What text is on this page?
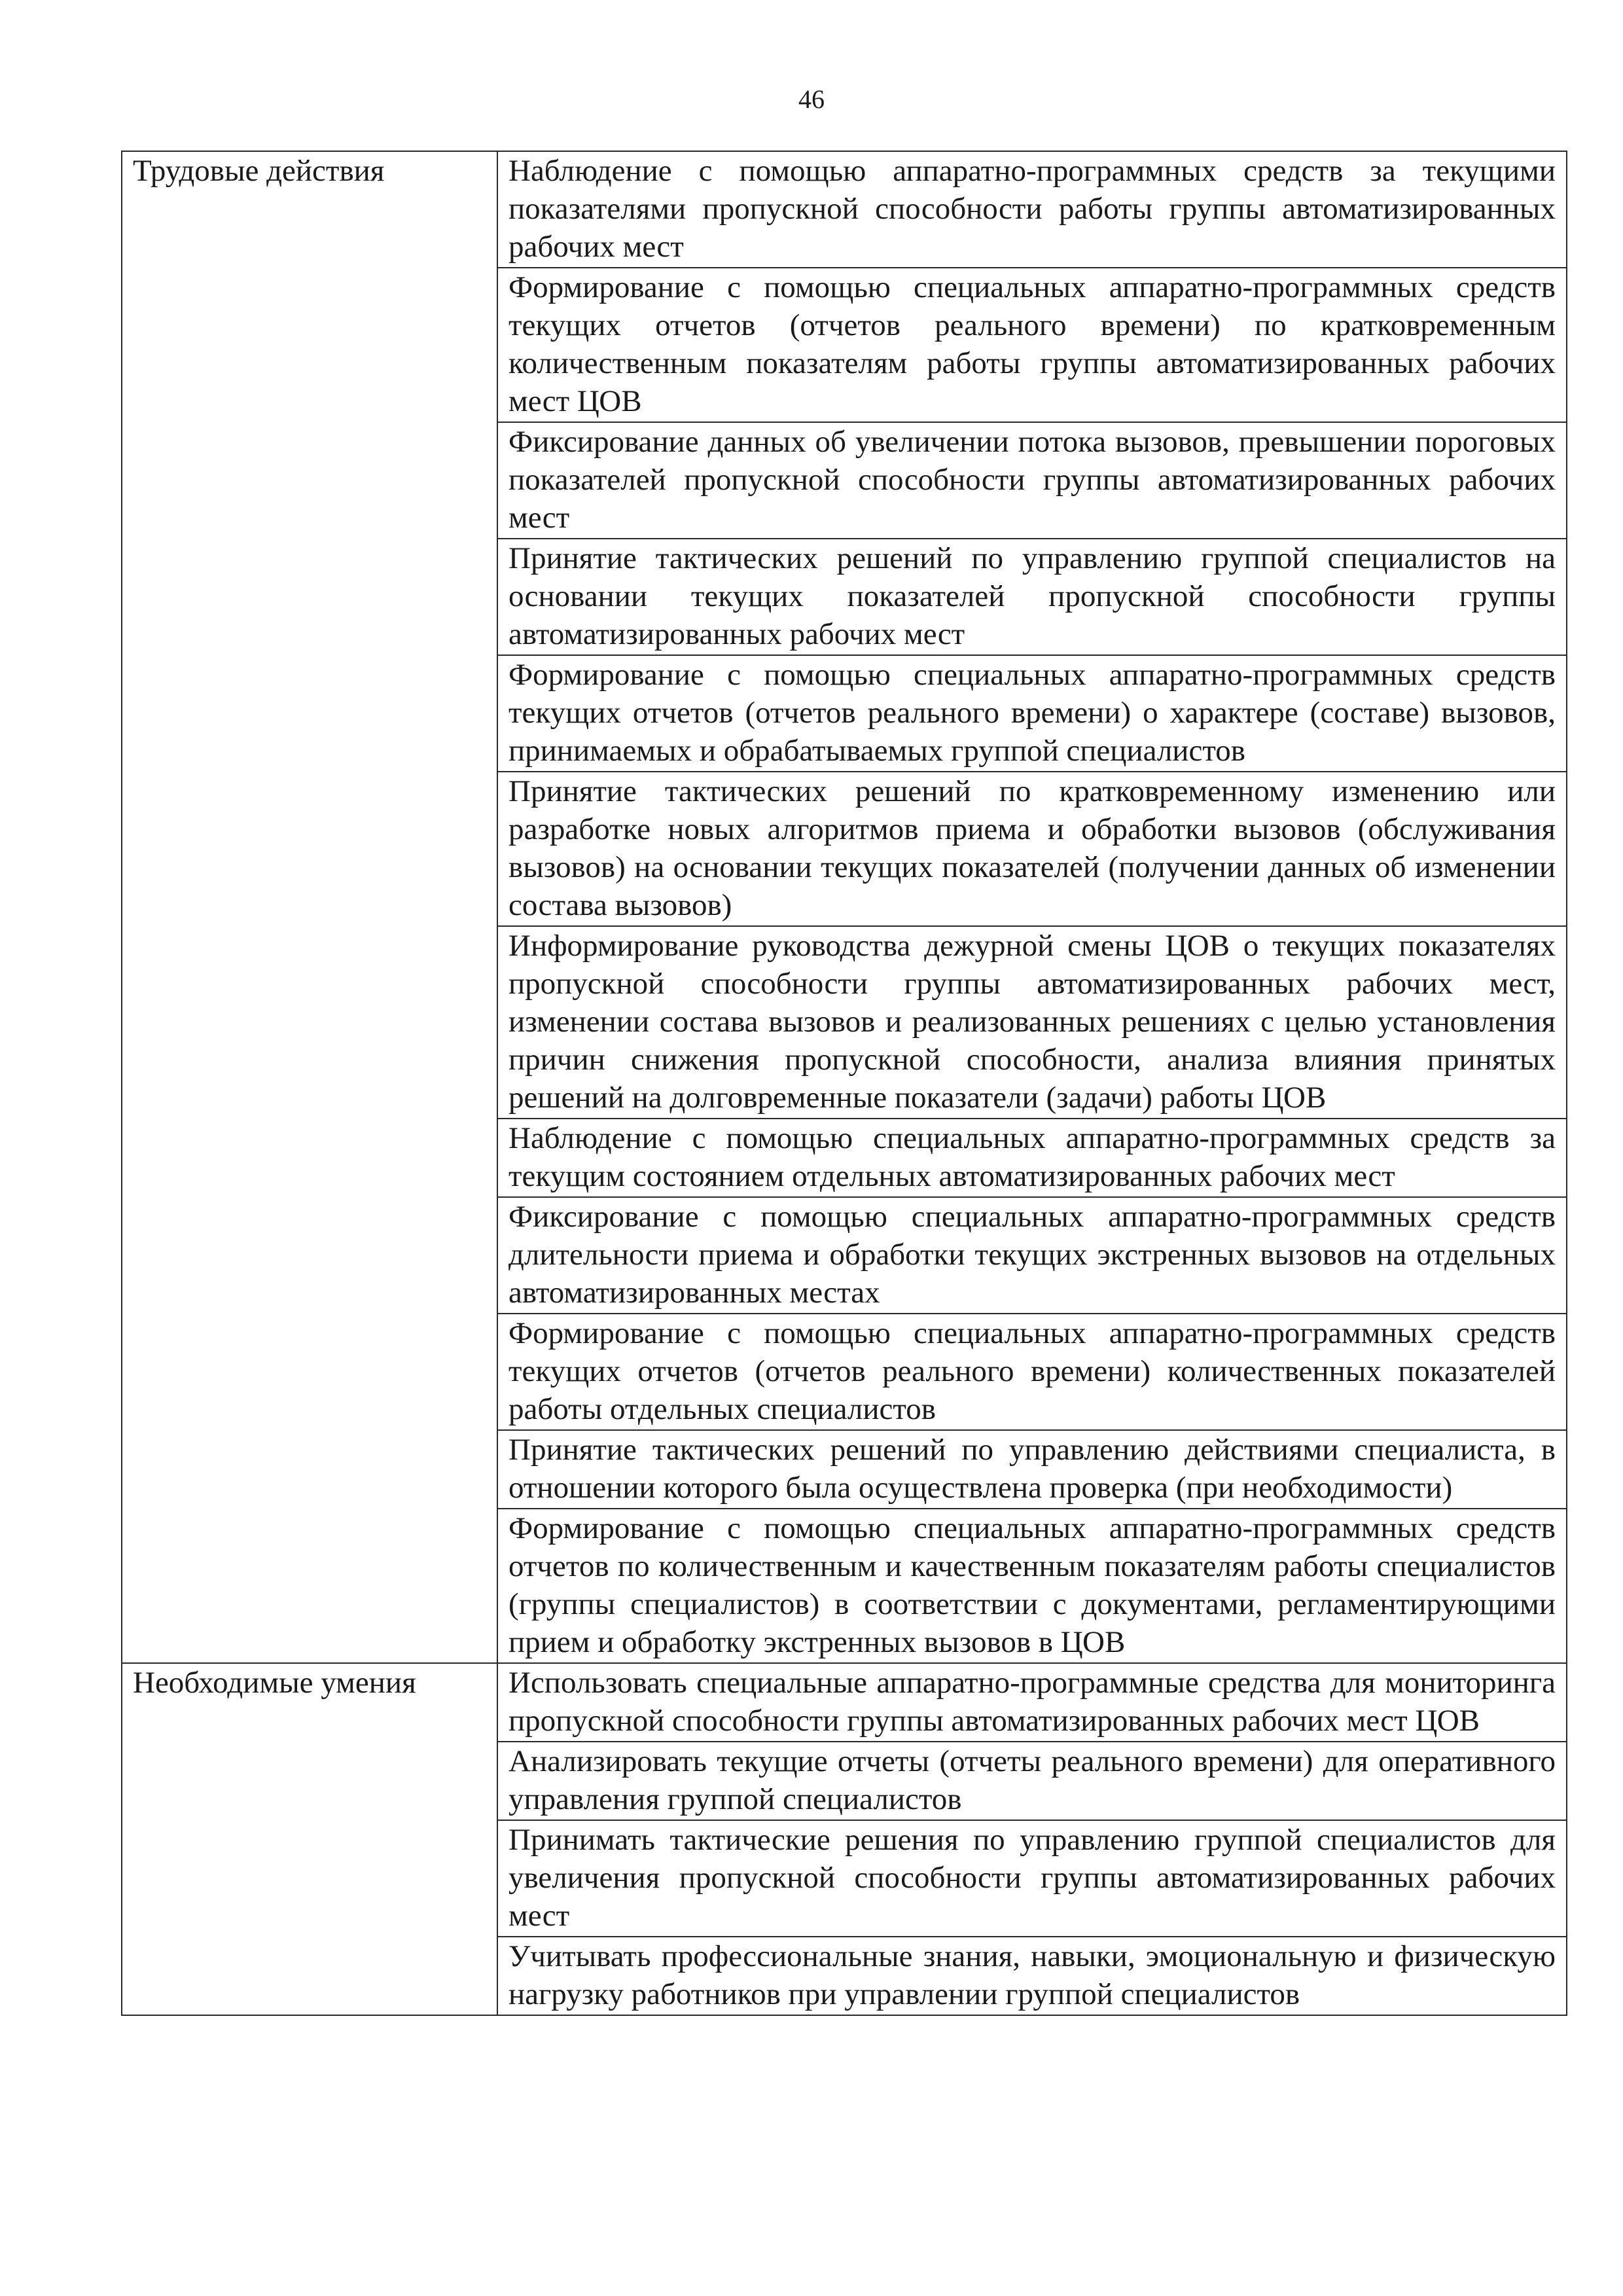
46
Трудовые действия	Наблюдение с помощью аппаратно-программных средств за текущими показателями пропускной способности работы группы автоматизированных рабочих мест
	Формирование с помощью специальных аппаратно-программных средств текущих отчетов (отчетов реального времени) по кратковременным количественным показателям работы группы автоматизированных рабочих мест ЦОВ
	Фиксирование данных об увеличении потока вызовов, превышении пороговых показателей пропускной способности группы автоматизированных рабочих мест
	Принятие тактических решений по управлению группой специалистов на основании текущих показателей пропускной способности группы автоматизированных рабочих мест
	Формирование с помощью специальных аппаратно-программных средств текущих отчетов (отчетов реального времени) о характере (составе) вызовов, принимаемых и обрабатываемых группой специалистов
	Принятие тактических решений по кратковременному изменению или разработке новых алгоритмов приема и обработки вызовов (обслуживания вызовов) на основании текущих показателей (получении данных об изменении состава вызовов)
	Информирование руководства дежурной смены ЦОВ о текущих показателях пропускной способности группы автоматизированных рабочих мест, изменении состава вызовов и реализованных решениях с целью установления причин снижения пропускной способности, анализа влияния принятых решений на долговременные показатели (задачи) работы ЦОВ
	Наблюдение с помощью специальных аппаратно-программных средств за текущим состоянием отдельных автоматизированных рабочих мест
	Фиксирование с помощью специальных аппаратно-программных средств длительности приема и обработки текущих экстренных вызовов на отдельных автоматизированных местах
	Формирование с помощью специальных аппаратно-программных средств текущих отчетов (отчетов реального времени) количественных показателей работы отдельных специалистов
	Принятие тактических решений по управлению действиями специалиста, в отношении которого была осуществлена проверка (при необходимости)
	Формирование с помощью специальных аппаратно-программных средств отчетов по количественным и качественным показателям работы специалистов (группы специалистов) в соответствии с документами, регламентирующими прием и обработку экстренных вызовов в ЦОВ
Необходимые умения	Использовать специальные аппаратно-программные средства для мониторинга пропускной способности группы автоматизированных рабочих мест ЦОВ
	Анализировать текущие отчеты (отчеты реального времени) для оперативного управления группой специалистов
	Принимать тактические решения по управлению группой специалистов для увеличения пропускной способности группы автоматизированных рабочих мест
	Учитывать профессиональные знания, навыки, эмоциональную и физическую нагрузку работников при управлении группой специалистов
